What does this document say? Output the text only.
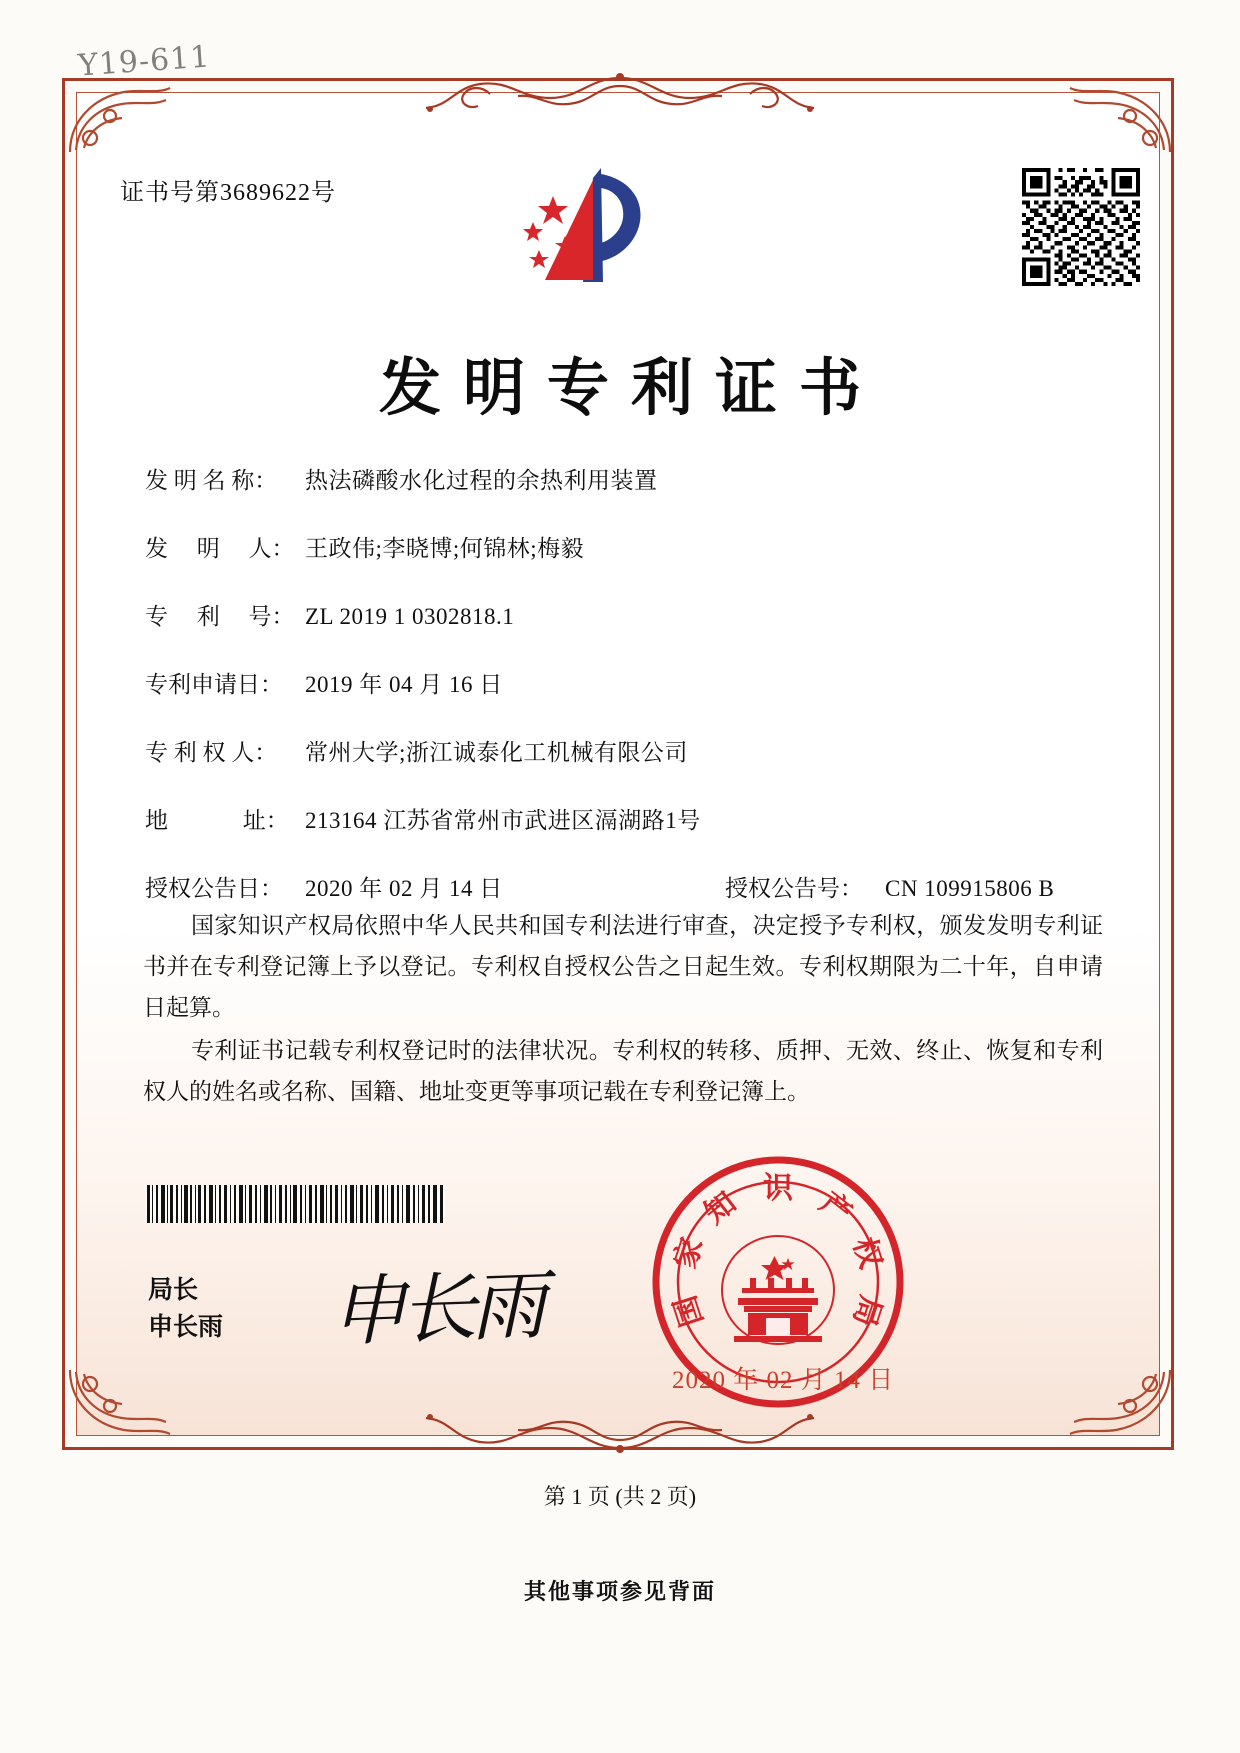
Y19-611
证书号第3689622号
发明专利证书
发 明 名 称：	热法磷酸水化过程的余热利用装置
发　 明　 人： 王政伟;李晓博;何锦林;梅毅
专　 利　 号： ZL 2019 1 0302818.1
专利申请日： 2019 年 04 月 16 日
专 利 权 人：	常州大学;浙江诚泰化工机械有限公司
地　　　 址： 213164 江苏省常州市武进区滆湖路1号
授权公告日： 2020 年 02 月 14 日	授权公告号： CN 109915806 B

国家知识产权局依照中华人民共和国专利法进行审查，决定授予专利权，颁发发明专利证书并在专利登记簿上予以登记。专利权自授权公告之日起生效。专利权期限为二十年，自申请日起算。

专利证书记载专利权登记时的法律状况。专利权的转移、质押、无效、终止、恢复和专利权人的姓名或名称、国籍、地址变更等事项记载在专利登记簿上。

局长
申长雨 申长雨
识
知
家
国
产
权
局
2020 年 02 月 14 日
第 1 页 (共 2 页)
其他事项参见背面
